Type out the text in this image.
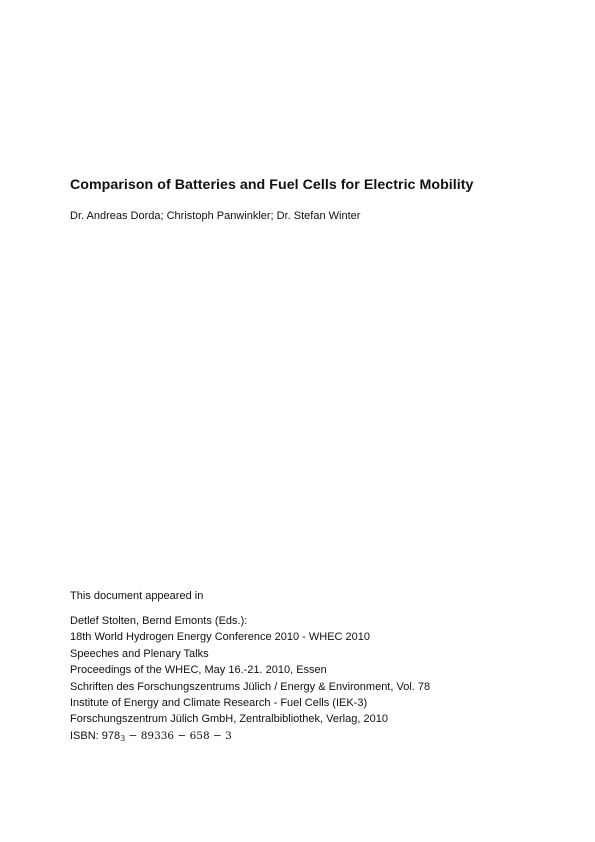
Comparison of Batteries and Fuel Cells for Electric Mobility

Dr. Andreas Dorda; Christoph Panwinkler; Dr. Stefan Winter

This document appeared in

Detlef Stolten, Bernd Emonts (Eds.):
18th World Hydrogen Energy Conference 2010 - WHEC 2010
Speeches and Plenary Talks
Proceedings of the WHEC, May 16.-21. 2010, Essen
Schriften des Forschungszentrums Jülich / Energy & Environment, Vol. 78
Institute of Energy and Climate Research - Fuel Cells (IEK-3)
Forschungszentrum Jülich GmbH, Zentralbibliothek, Verlag, 2010
ISBN: 9783 − 89336 − 658 − 3
